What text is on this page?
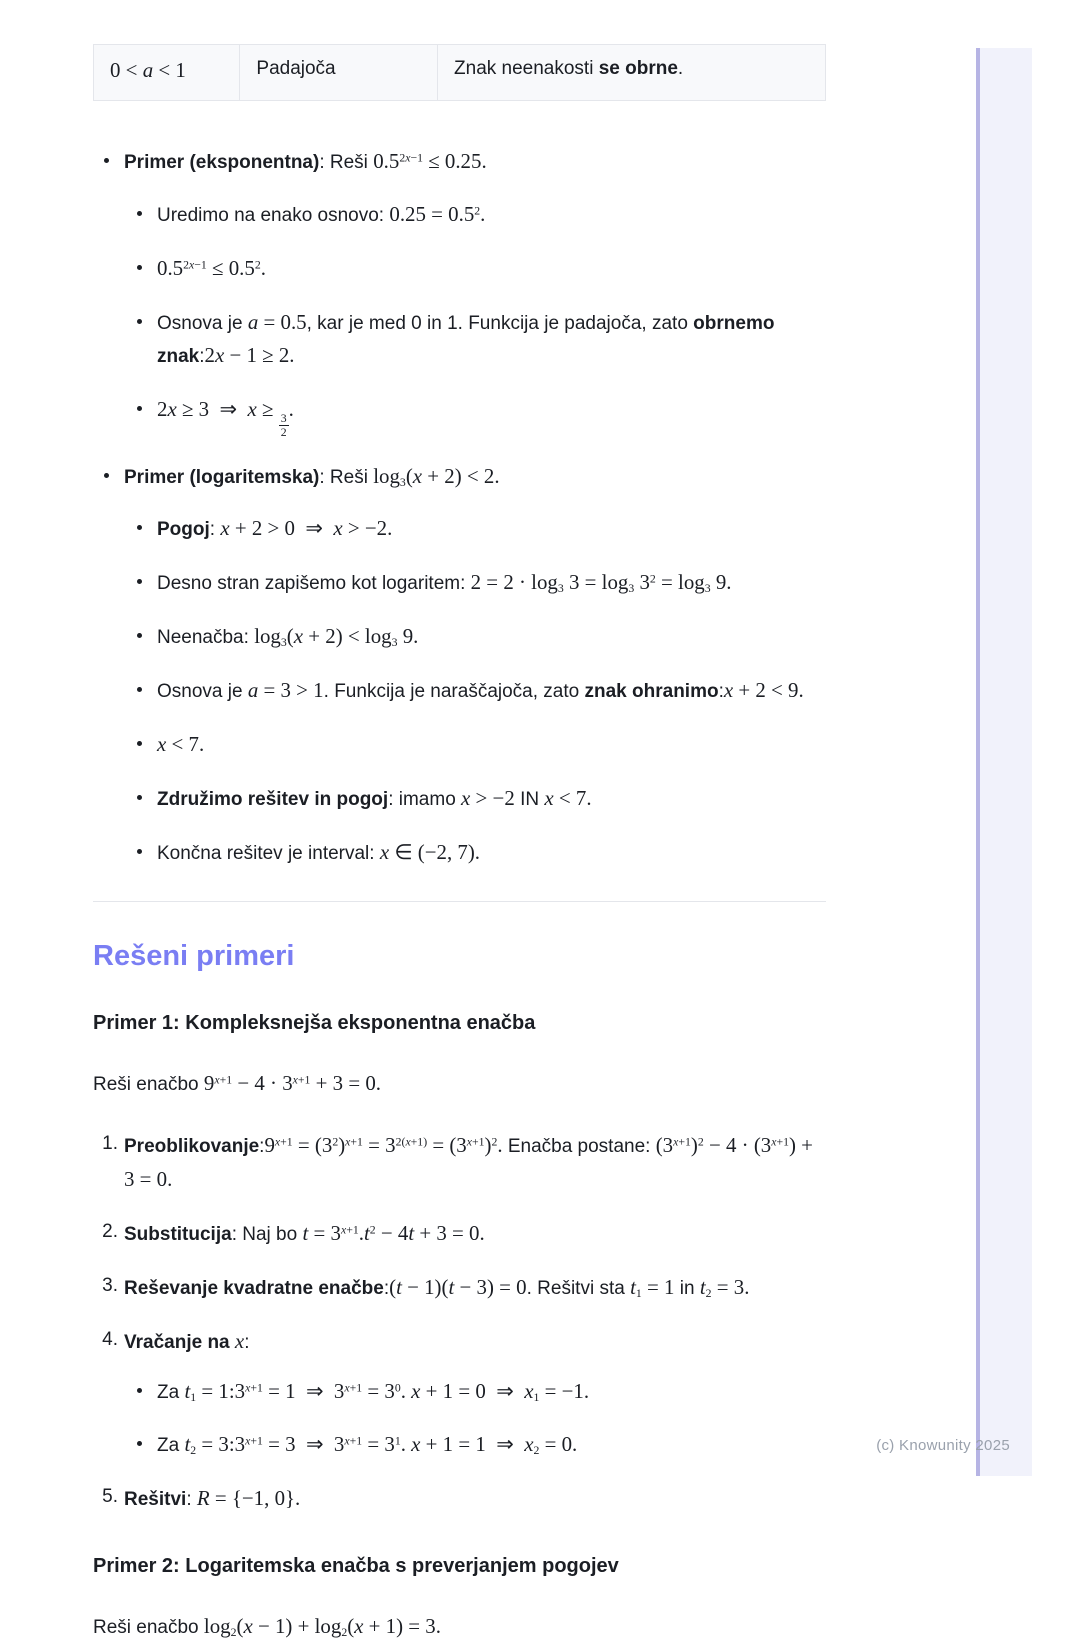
0 < a < 1	Padajoča	Znak neenakosti se obrne.
Primer (eksponentna): Reši $0.5^{2x-1} \le 0.25$.
Uredimo na enako osnovo: $0.25 = 0.5^2$.
$0.5^{2x-1} \le 0.5^2$.
Osnova je a = 0.5, kar je med 0 in 1. Funkcija je padajoča, zato obrnemo znak:2x − 1 ≥ 2.
2x ≥ 3  ⇒  x ≥
$\frac{3}{2}$
.
Primer (logaritemska): Reši $\log_3(x + 2) < 2$.
Pogoj: x + 2 > 0  ⇒  x > −2.
Desno stran zapišemo kot logaritem: $2 = 2 \cdot \log_3 3 = \log_3 3^2 = \log_3 9$.
Neenačba: $\log_3(x + 2) < \log_3 9$.
Osnova je a = 3 > 1. Funkcija je naraščajoča, zato znak ohranimo:x + 2 < 9.
x < 7.
Združimo rešitev in pogoj: imamo x > −2 IN x < 7.
Končna rešitev je interval: x ∈ (−2, 7).
Rešeni primeri
Primer 1: Kompleksnejša eksponentna enačba

Reši enačbo $9^{x+1} - 4 \cdot 3^{x+1} + 3 = 0$.

$Preoblikovanje:9^{x+1} = (3^2)^{x+1} = 3^{2(x+1)} = (3^{x+1})^2$. Enačba postane: $(3^{x+1})^2 - 4 \cdot (3^{x+1}) + 3 = 0$.
Substitucija: Naj bo $t = 3^{x+1}.t^2 - 4t + 3 = 0$.
Reševanje kvadratne enačbe:(t − 1)(t − 3) = 0. Rešitvi sta $t_1 = 1$ in $t_2 = 3$.
Vračanje na x:
Za $t_1$ = $1:3^{x+1} = 1$  ⇒  $3^{x+1} = 3^0$. x + 1 = 0  ⇒  $x_1 = -1$.
Za $t_2$ = $3:3^{x+1} = 3$  ⇒  $3^{x+1} = 3^1$. x + 1 = 1  ⇒  $x_2 = 0$.
Rešitvi: R = {−1, 0}.
Primer 2: Logaritemska enačba s preverjanjem pogojev

Reši enačbo $\log_2(x - 1) + \log_2(x + 1) = 3$.

(c) Knowunity 2025
